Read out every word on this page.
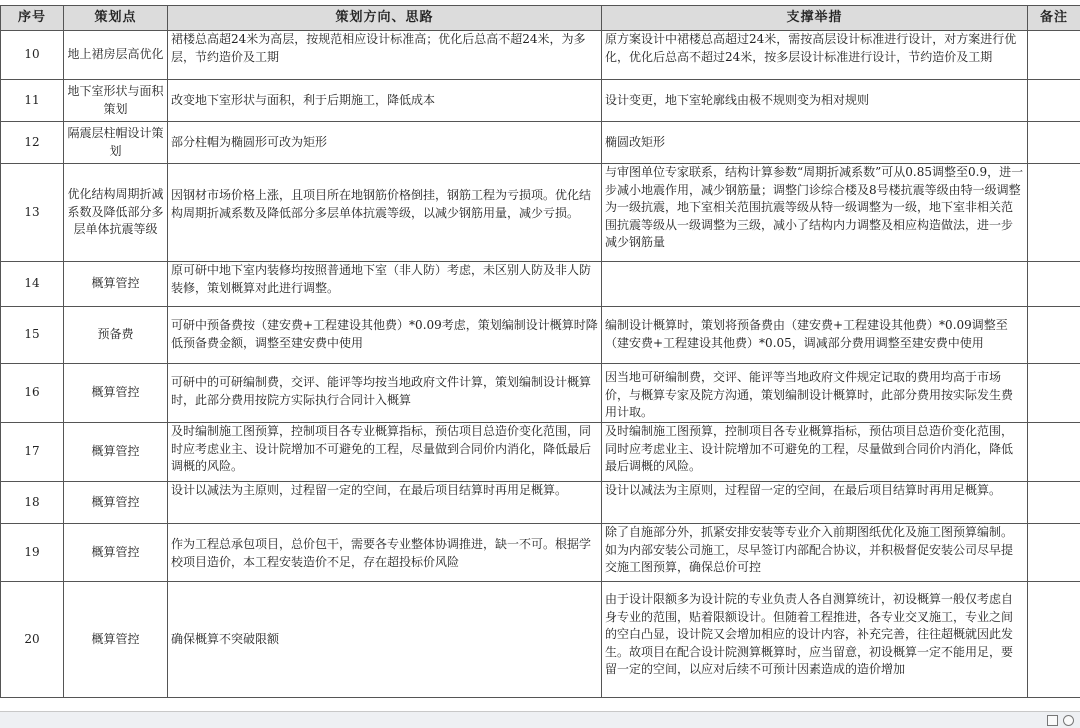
序号	策划点	策划方向、思路	支撑举措	备注
10	地上裙房层高优化	裙楼总高超24米为高层，按规范相应设计标准高；优化后总高不超24米，为多层，节约造价及工期	原方案设计中裙楼总高超过24米，需按高层设计标准进行设计，对方案进行优化，优化后总高不超过24米，按多层设计标准进行设计，节约造价及工期	
11	地下室形状与面积策划	改变地下室形状与面积，利于后期施工，降低成本	设计变更，地下室轮廓线由极不规则变为相对规则	
12	隔震层柱帽设计策划	部分柱帽为椭圆形可改为矩形	椭圆改矩形	
13	优化结构周期折减系数及降低部分多层单体抗震等级	因钢材市场价格上涨，且项目所在地钢筋价格倒挂，钢筋工程为亏损项。优化结构周期折减系数及降低部分多层单体抗震等级，以减少钢筋用量，减少亏损。	与审图单位专家联系，结构计算参数“周期折减系数”可从0.85调整至0.9，进一步减小地震作用，减少钢筋量；调整门诊综合楼及8号楼抗震等级由特一级调整为一级抗震，地下室相关范围抗震等级从特一级调整为一级，地下室非相关范围抗震等级从一级调整为三级，减小了结构内力调整及相应构造做法，进一步减少钢筋量	
14	概算管控	原可研中地下室内装修均按照普通地下室（非人防）考虑，未区别人防及非人防装修，策划概算对此进行调整。		
15	预备费	可研中预备费按（建安费+工程建设其他费）*0.09考虑，策划编制设计概算时降低预备费金额，调整至建安费中使用	编制设计概算时，策划将预备费由（建安费+工程建设其他费）*0.09调整至（建安费+工程建设其他费）*0.05，调减部分费用调整至建安费中使用	
16	概算管控	可研中的可研编制费，交评、能评等均按当地政府文件计算，策划编制设计概算时，此部分费用按院方实际执行合同计入概算	因当地可研编制费，交评、能评等当地政府文件规定记取的费用均高于市场价，与概算专家及院方沟通，策划编制设计概算时，此部分费用按实际发生费用计取。	
17	概算管控	及时编制施工图预算，控制项目各专业概算指标，预估项目总造价变化范围，同时应考虑业主、设计院增加不可避免的工程，尽量做到合同价内消化，降低最后调概的风险。	及时编制施工图预算，控制项目各专业概算指标，预估项目总造价变化范围，同时应考虑业主、设计院增加不可避免的工程，尽量做到合同价内消化，降低最后调概的风险。	
18	概算管控	设计以减法为主原则，过程留一定的空间，在最后项目结算时再用足概算。	设计以减法为主原则，过程留一定的空间，在最后项目结算时再用足概算。	
19	概算管控	作为工程总承包项目，总价包干，需要各专业整体协调推进，缺一不可。根据学校项目造价，本工程安装造价不足，存在超投标价风险	除了自施部分外，抓紧安排安装等专业介入前期图纸优化及施工图预算编制。如为内部安装公司施工，尽早签订内部配合协议，并积极督促安装公司尽早提交施工图预算，确保总价可控	
20	概算管控	确保概算不突破限额	由于设计限额多为设计院的专业负责人各自测算统计，初设概算一般仅考虑自身专业的范围，贴着限额设计。但随着工程推进，各专业交叉施工，专业之间的空白凸显，设计院又会增加相应的设计内容，补充完善，往往超概就因此发生。故项目在配合设计院测算概算时，应当留意，初设概算一定不能用足，要留一定的空间，以应对后续不可预计因素造成的造价增加	
